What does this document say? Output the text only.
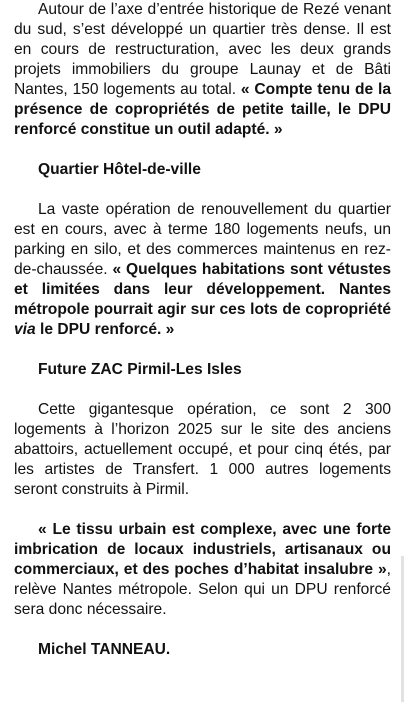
Autour de l’axe d’entrée historique de Rezé venant du sud, s’est développé un quartier très dense. Il est en cours de restructuration, avec les deux grands projets immobiliers du groupe Launay et de Bâti Nantes, 150 logements au total. « Compte tenu de la présence de copropriétés de petite taille, le DPU renforcé constitue un outil adapté. »

Quartier Hôtel-de-ville

La vaste opération de renouvellement du quartier est en cours, avec à terme 180 logements neufs, un parking en silo, et des commerces maintenus en rez-de-chaussée. « Quelques habitations sont vétustes et limitées dans leur développement. Nantes métropole pourrait agir sur ces lots de copropriété via le DPU renforcé. »

Future ZAC Pirmil-Les Isles

Cette gigantesque opération, ce sont 2 300 logements à l’horizon 2025 sur le site des anciens abattoirs, actuellement occupé, et pour cinq étés, par les artistes de Transfert. 1 000 autres logements seront construits à Pirmil.

« Le tissu urbain est complexe, avec une forte imbrication de locaux industriels, artisanaux ou commerciaux, et des poches d’habitat insalubre », relève Nantes métropole. Selon qui un DPU renforcé sera donc nécessaire.

Michel TANNEAU.
